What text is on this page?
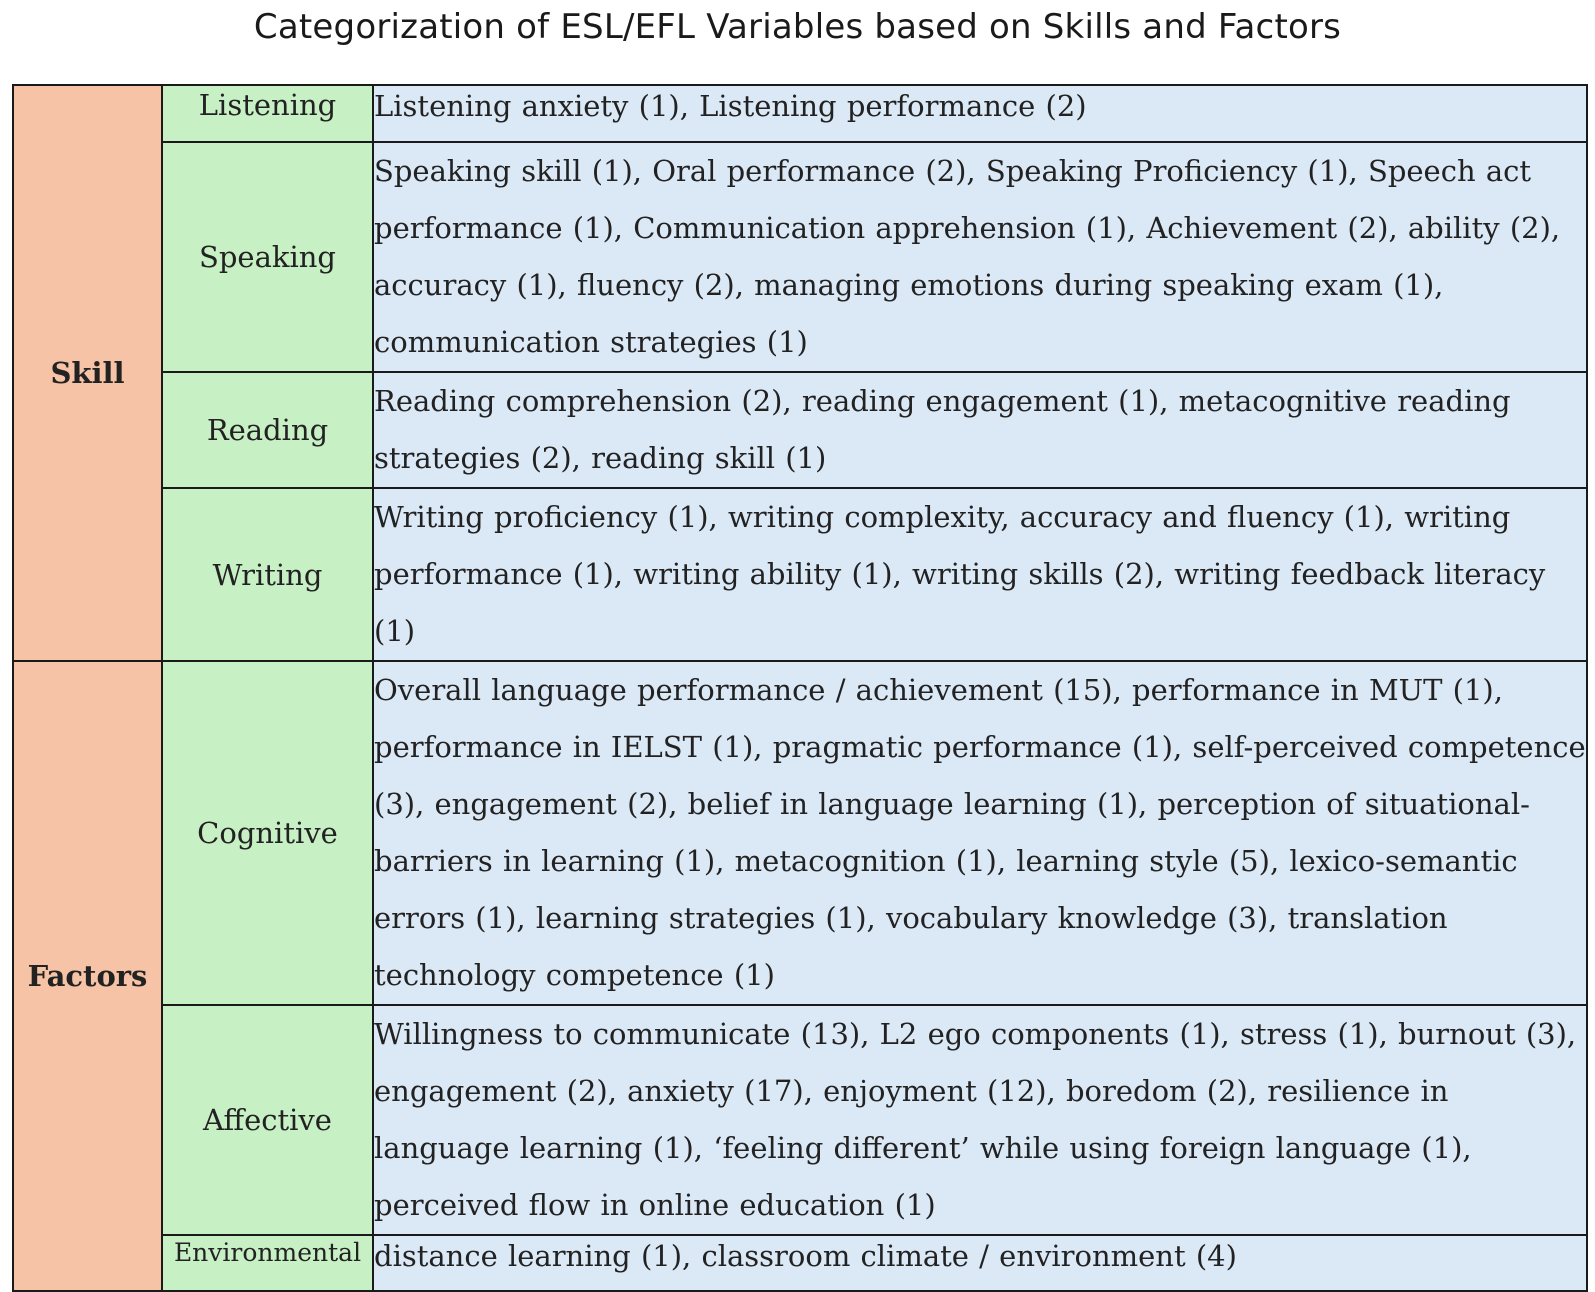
Categorization of ESL/EFL Variables based on Skills and Factors
Skill	Listening	Listening anxiety (1), Listening performance (2)
	Speaking	Speaking skill (1), Oral performance (2), Speaking Proficiency (1), Speech act performance (1), Communication apprehension (1), Achievement (2), ability (2), accuracy (1), fluency (2), managing emotions during speaking exam (1), communication strategies (1)
	Reading	Reading comprehension (2), reading engagement (1), metacognitive reading strategies (2), reading skill (1)
	Writing	Writing proficiency (1), writing complexity, accuracy and fluency (1), writing performance (1), writing ability (1), writing skills (2), writing feedback literacy (1)
Factors	Cognitive	Overall language performance / achievement (15), performance in MUT (1), performance in IELST (1), pragmatic performance (1), self-perceived competence (3), engagement (2), belief in language learning (1), perception of situational- barriers in learning (1), metacognition (1), learning style (5), lexico-semantic errors (1), learning strategies (1), vocabulary knowledge (3), translation technology competence (1)
	Affective	Willingness to communicate (13), L2 ego components (1), stress (1), burnout (3), engagement (2), anxiety (17), enjoyment (12), boredom (2), resilience in language learning (1), ‘feeling different’ while using foreign language (1), perceived flow in online education (1)
	Environmental	distance learning (1), classroom climate / environment (4)
